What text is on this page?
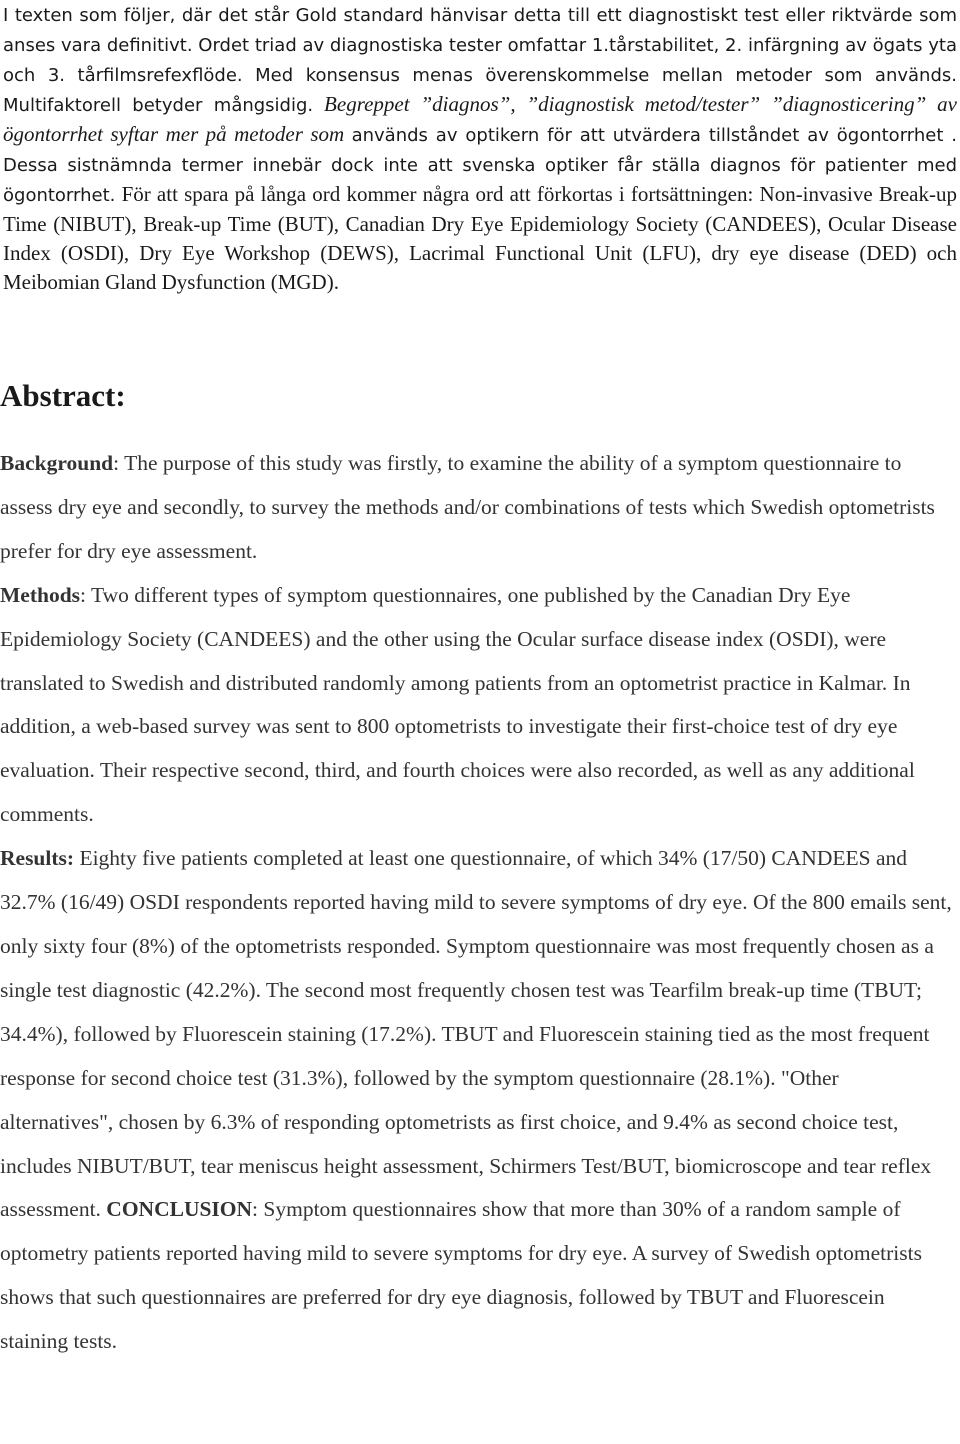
I texten som följer, där det står Gold standard hänvisar detta till ett diagnostiskt test eller riktvärde som anses vara definitivt. Ordet triad av diagnostiska tester omfattar 1.tårstabilitet, 2. infärgning av ögats yta och 3. tårfilmsrefexflöde. Med konsensus menas överenskommelse mellan metoder som används. Multifaktorell betyder mångsidig. Begreppet ”diagnos”, ”diagnostisk metod/tester” ”diagnosticering” av ögontorrhet syftar mer på metoder som används av optikern för att utvärdera tillståndet av ögontorrhet . Dessa sistnämnda termer innebär dock inte att svenska optiker får ställa diagnos för patienter med ögontorrhet. För att spara på långa ord kommer några ord att förkortas i fortsättningen: Non-invasive Break-up Time (NIBUT), Break-up Time (BUT), Canadian Dry Eye Epidemiology Society (CANDEES), Ocular Disease Index (OSDI), Dry Eye Workshop (DEWS), Lacrimal Functional Unit (LFU), dry eye disease (DED) och Meibomian Gland Dysfunction (MGD).

Abstract:

Background: The purpose of this study was firstly, to examine the ability of a symptom questionnaire to assess dry eye and secondly, to survey the methods and/or combinations of tests which Swedish optometrists prefer for dry eye assessment.

Methods: Two different types of symptom questionnaires, one published by the Canadian Dry Eye Epidemiology Society (CANDEES) and the other using the Ocular surface disease index (OSDI), were translated to Swedish and distributed randomly among patients from an optometrist practice in Kalmar. In addition, a web-based survey was sent to 800 optometrists to investigate their first-choice test of dry eye evaluation. Their respective second, third, and fourth choices were also recorded, as well as any additional comments.

Results: Eighty five patients completed at least one questionnaire, of which 34% (17/50) CANDEES and 32.7% (16/49) OSDI respondents reported having mild to severe symptoms of dry eye. Of the 800 emails sent, only sixty four (8%) of the optometrists responded. Symptom questionnaire was most frequently chosen as a single test diagnostic (42.2%). The second most frequently chosen test was Tearfilm break-up time (TBUT; 34.4%), followed by Fluorescein staining (17.2%). TBUT and Fluorescein staining tied as the most frequent response for second choice test (31.3%), followed by the symptom questionnaire (28.1%). "Other alternatives", chosen by 6.3% of responding optometrists as first choice, and 9.4% as second choice test, includes NIBUT/BUT, tear meniscus height assessment, Schirmers Test/BUT, biomicroscope and tear reflex assessment. CONCLUSION: Symptom questionnaires show that more than 30% of a random sample of optometry patients reported having mild to severe symptoms for dry eye. A survey of Swedish optometrists shows that such questionnaires are preferred for dry eye diagnosis, followed by TBUT and Fluorescein staining tests.
